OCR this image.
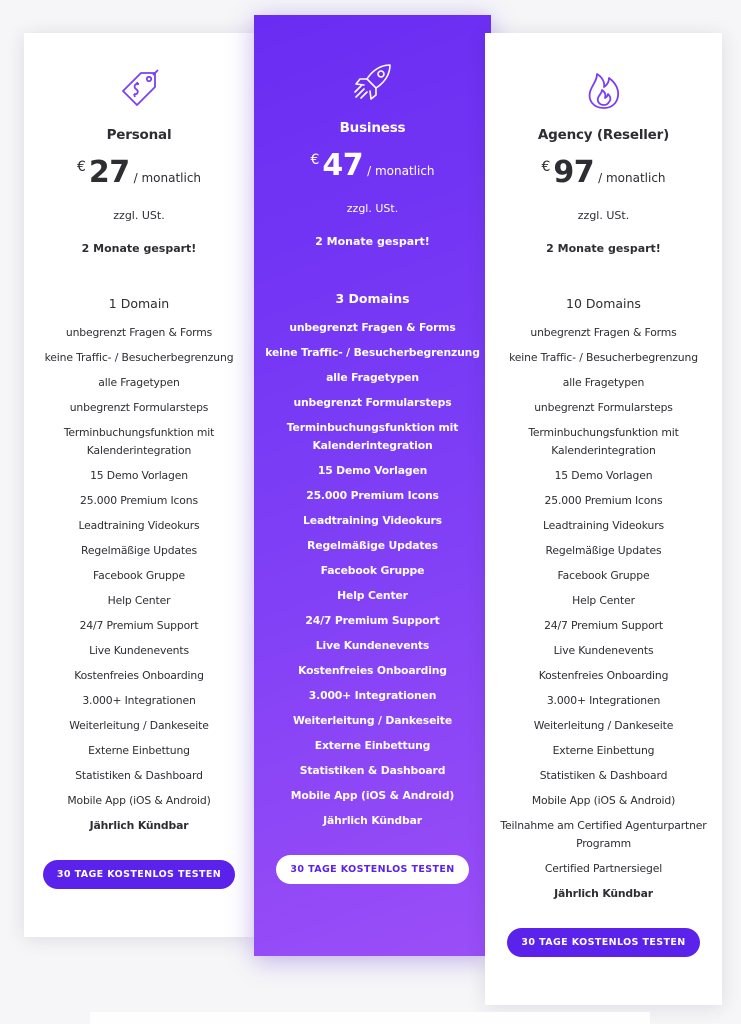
Personal
€ 27 / monatlich
zzgl. USt.
2 Monate gespart!
1 Domain
unbegrenzt Fragen & Forms
keine Traffic- / Besucherbegrenzung
alle Fragetypen
unbegrenzt Formularsteps
Terminbuchungsfunktion mit Kalenderintegration
15 Demo Vorlagen
25.000 Premium Icons
Leadtraining Videokurs
Regelmäßige Updates
Facebook Gruppe
Help Center
24/7 Premium Support
Live Kundenevents
Kostenfreies Onboarding
3.000+ Integrationen
Weiterleitung / Dankeseite
Externe Einbettung
Statistiken & Dashboard
Mobile App (iOS & Android)
Jährlich Kündbar
30 TAGE KOSTENLOS TESTEN
Business
€ 47 / monatlich
zzgl. USt.
2 Monate gespart!
3 Domains
unbegrenzt Fragen & Forms
keine Traffic- / Besucherbegrenzung
alle Fragetypen
unbegrenzt Formularsteps
Terminbuchungsfunktion mit Kalenderintegration
15 Demo Vorlagen
25.000 Premium Icons
Leadtraining Videokurs
Regelmäßige Updates
Facebook Gruppe
Help Center
24/7 Premium Support
Live Kundenevents
Kostenfreies Onboarding
3.000+ Integrationen
Weiterleitung / Dankeseite
Externe Einbettung
Statistiken & Dashboard
Mobile App (iOS & Android)
Jährlich Kündbar
30 TAGE KOSTENLOS TESTEN
Agency (Reseller)
€ 97 / monatlich
zzgl. USt.
2 Monate gespart!
10 Domains
unbegrenzt Fragen & Forms
keine Traffic- / Besucherbegrenzung
alle Fragetypen
unbegrenzt Formularsteps
Terminbuchungsfunktion mit Kalenderintegration
15 Demo Vorlagen
25.000 Premium Icons
Leadtraining Videokurs
Regelmäßige Updates
Facebook Gruppe
Help Center
24/7 Premium Support
Live Kundenevents
Kostenfreies Onboarding
3.000+ Integrationen
Weiterleitung / Dankeseite
Externe Einbettung
Statistiken & Dashboard
Mobile App (iOS & Android)
Teilnahme am Certified Agenturpartner Programm
Certified Partnersiegel
Jährlich Kündbar
30 TAGE KOSTENLOS TESTEN
